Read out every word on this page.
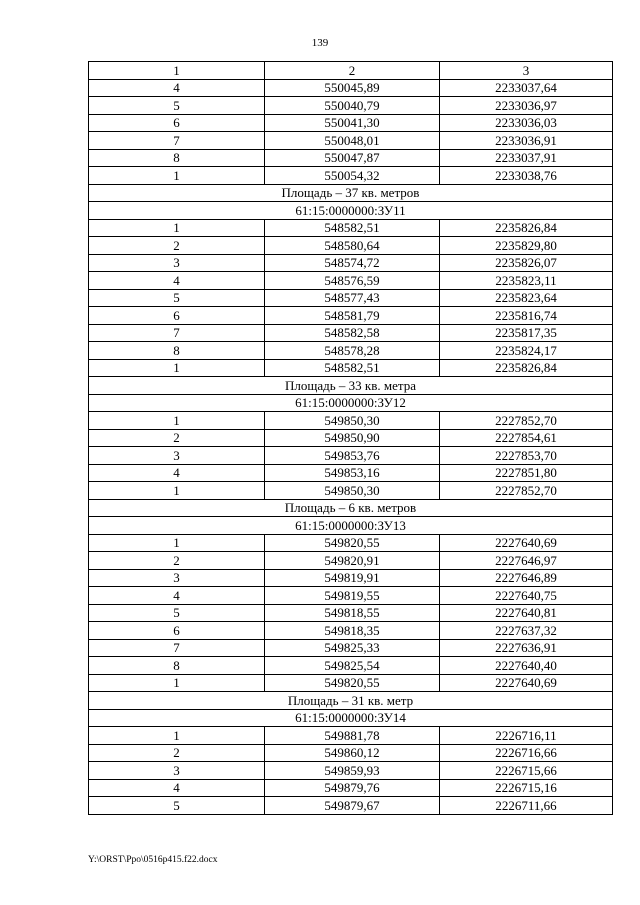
139
1	2	3
4	550045,89	2233037,64
5	550040,79	2233036,97
6	550041,30	2233036,03
7	550048,01	2233036,91
8	550047,87	2233037,91
1	550054,32	2233038,76
Площадь – 37 кв. метров		
61:15:0000000:ЗУ11		
1	548582,51	2235826,84
2	548580,64	2235829,80
3	548574,72	2235826,07
4	548576,59	2235823,11
5	548577,43	2235823,64
6	548581,79	2235816,74
7	548582,58	2235817,35
8	548578,28	2235824,17
1	548582,51	2235826,84
Площадь – 33 кв. метра		
61:15:0000000:ЗУ12		
1	549850,30	2227852,70
2	549850,90	2227854,61
3	549853,76	2227853,70
4	549853,16	2227851,80
1	549850,30	2227852,70
Площадь – 6 кв. метров		
61:15:0000000:ЗУ13		
1	549820,55	2227640,69
2	549820,91	2227646,97
3	549819,91	2227646,89
4	549819,55	2227640,75
5	549818,55	2227640,81
6	549818,35	2227637,32
7	549825,33	2227636,91
8	549825,54	2227640,40
1	549820,55	2227640,69
Площадь – 31 кв. метр		
61:15:0000000:ЗУ14		
1	549881,78	2226716,11
2	549860,12	2226716,66
3	549859,93	2226715,66
4	549879,76	2226715,16
5	549879,67	2226711,66
Y:\ORST\Ppo\0516p415.f22.docx
